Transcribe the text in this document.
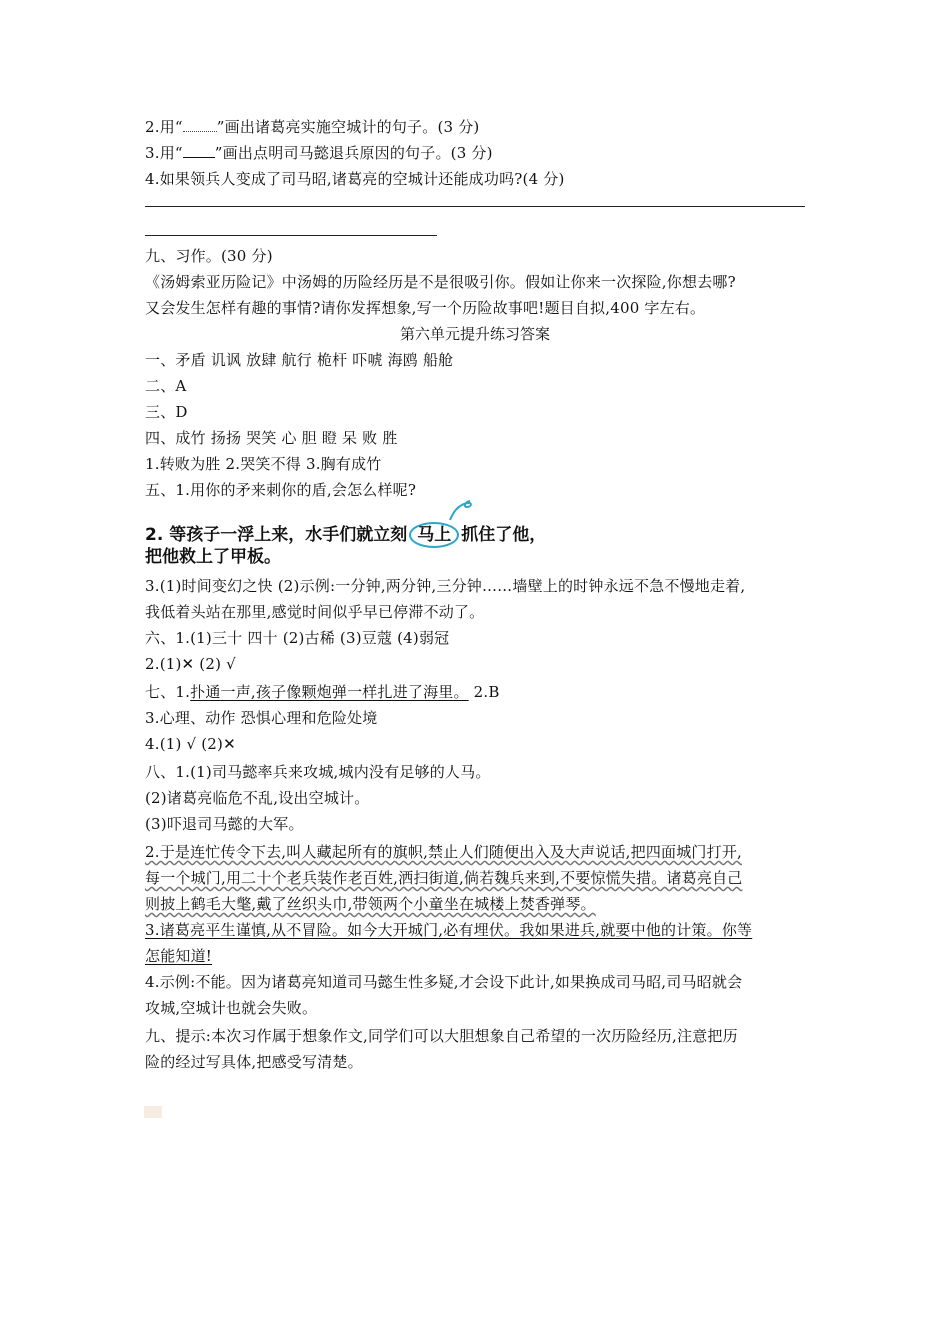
2.用“ ”画出诸葛亮实施空城计的句子。(3 分)
3.用“ ”画出点明司马懿退兵原因的句子。(3 分)
4.如果领兵人变成了司马昭,诸葛亮的空城计还能成功吗?(4 分)
九、习作。(30 分)
《汤姆索亚历险记》中汤姆的历险经历是不是很吸引你。假如让你来一次探险,你想去哪?
又会发生怎样有趣的事情?请你发挥想象,写一个历险故事吧!题目自拟,400 字左右。
第六单元提升练习答案
一、矛盾 讥讽 放肆 航行 桅杆 吓唬 海鸥 船舱
二、A
三、D
四、成竹 扬扬 哭笑 心 胆 瞪 呆 败 胜
1.转败为胜 2.哭笑不得 3.胸有成竹
五、1.用你的矛来刺你的盾,会怎么样呢?
2. 等孩子一浮上来，水手们就立刻 马上 抓住了他，
把他救上了甲板。
3.(1)时间变幻之快 (2)示例:一分钟,两分钟,三分钟……墙壁上的时钟永远不急不慢地走着,
我低着头站在那里,感觉时间似乎早已停滞不动了。
六、1.(1)三十 四十 (2)古稀 (3)豆蔻 (4)弱冠
2.(1)✕ (2) √
七、1.扑通一声,孩子像颗炮弹一样扎进了海里。 2.B
3.心理、动作 恐惧心理和危险处境
4.(1) √ (2)✕
八、1.(1)司马懿率兵来攻城,城内没有足够的人马。
(2)诸葛亮临危不乱,设出空城计。
(3)吓退司马懿的大军。
2.于是连忙传令下去,叫人藏起所有的旗帜,禁止人们随便出入及大声说话,把四面城门打开,
每一个城门,用二十个老兵装作老百姓,洒扫街道,倘若魏兵来到,不要惊慌失措。诸葛亮自己
则披上鹤毛大氅,戴了丝织头巾,带领两个小童坐在城楼上焚香弹琴。
3.诸葛亮平生谨慎,从不冒险。如今大开城门,必有埋伏。我如果进兵,就要中他的计策。你等
怎能知道!
4.示例:不能。因为诸葛亮知道司马懿生性多疑,才会设下此计,如果换成司马昭,司马昭就会
攻城,空城计也就会失败。
九、提示:本次习作属于想象作文,同学们可以大胆想象自己希望的一次历险经历,注意把历
险的经过写具体,把感受写清楚。
